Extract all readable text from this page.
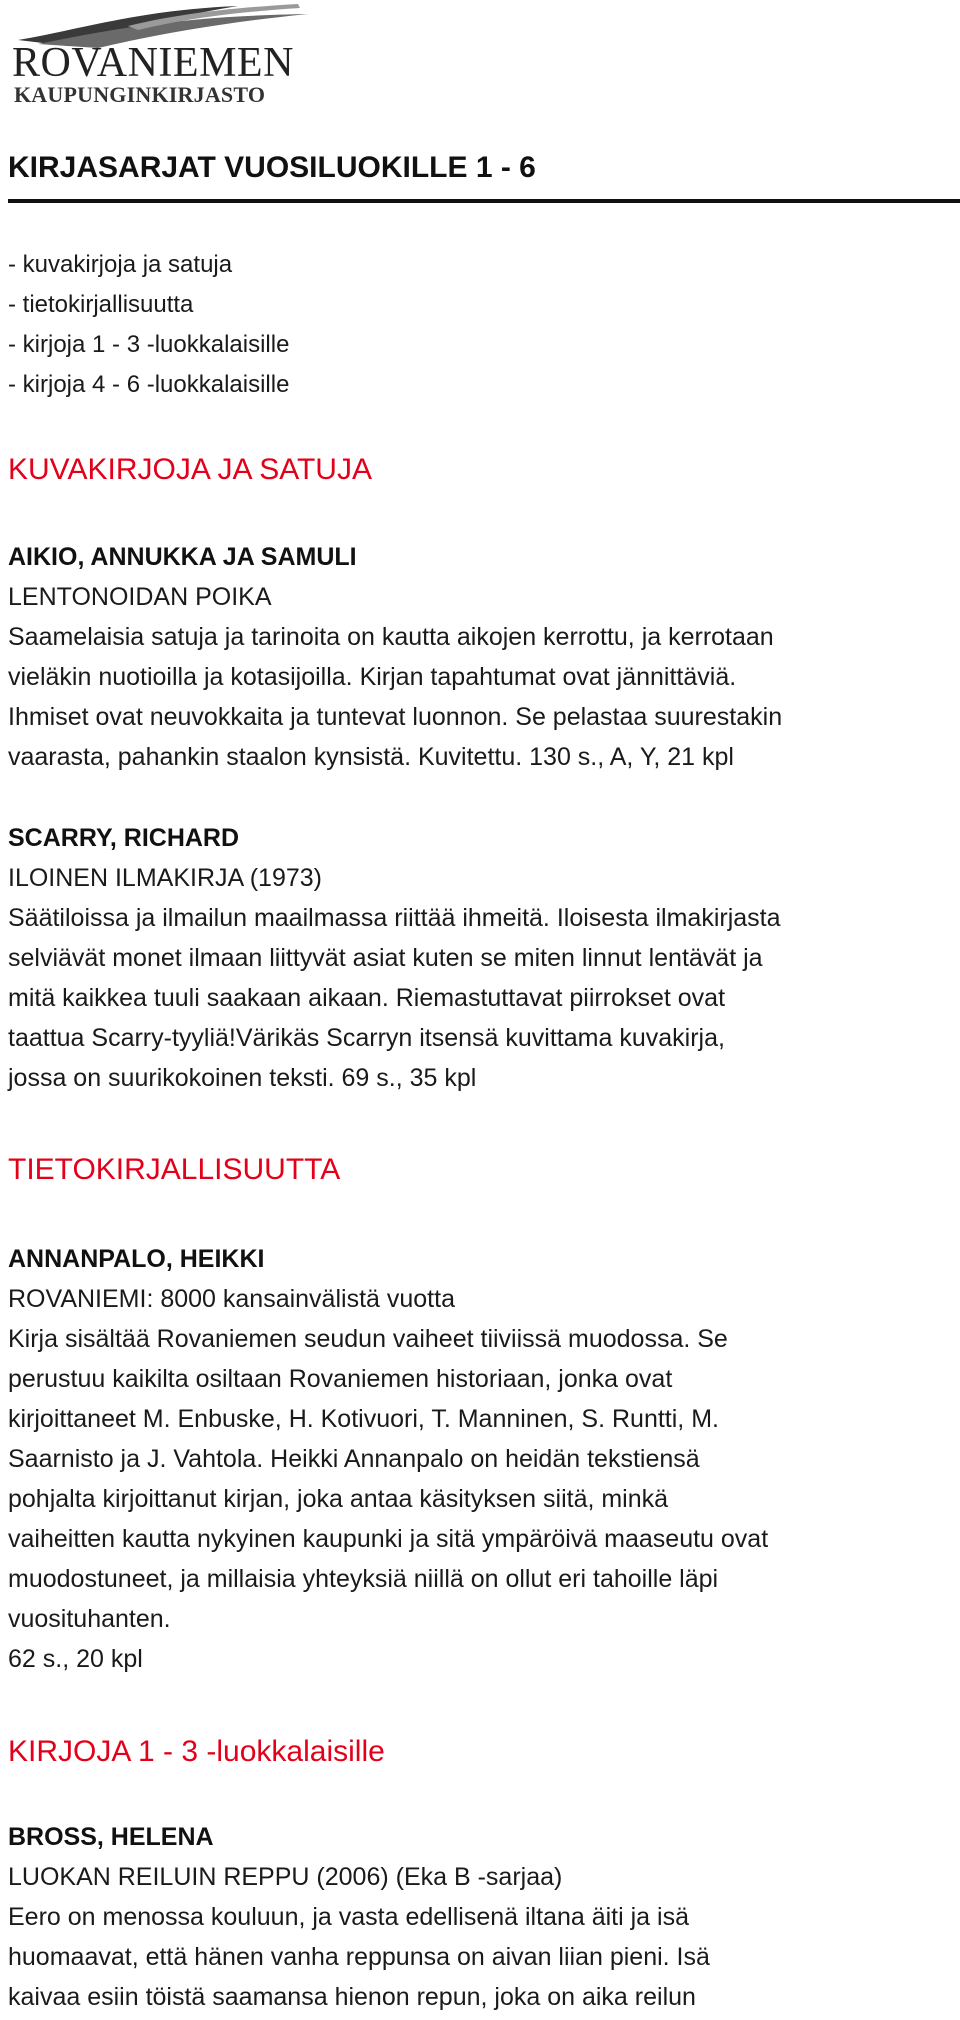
ROVANIEMEN
KAUPUNGINKIRJASTO
KIRJASARJAT VUOSILUOKILLE 1 - 6
- kuvakirjoja ja satuja
- tietokirjallisuutta
- kirjoja 1 - 3 -luokkalaisille
- kirjoja 4 - 6 -luokkalaisille
KUVAKIRJOJA JA SATUJA
AIKIO, ANNUKKA JA SAMULI
LENTONOIDAN POIKA
Saamelaisia satuja ja tarinoita on kautta aikojen kerrottu, ja kerrotaan
vieläkin nuotioilla ja kotasijoilla. Kirjan tapahtumat ovat jännittäviä.
Ihmiset ovat neuvokkaita ja tuntevat luonnon. Se pelastaa suurestakin
vaarasta, pahankin staalon kynsistä. Kuvitettu. 130 s., A, Y, 21 kpl
SCARRY, RICHARD
ILOINEN ILMAKIRJA (1973)
Säätiloissa ja ilmailun maailmassa riittää ihmeitä. Iloisesta ilmakirjasta
selviävät monet ilmaan liittyvät asiat kuten se miten linnut lentävät ja
mitä kaikkea tuuli saakaan aikaan. Riemastuttavat piirrokset ovat
taattua Scarry-tyyliä!Värikäs Scarryn itsensä kuvittama kuvakirja,
jossa on suurikokoinen teksti. 69 s., 35 kpl
TIETOKIRJALLISUUTTA
ANNANPALO, HEIKKI
ROVANIEMI: 8000 kansainvälistä vuotta
Kirja sisältää Rovaniemen seudun vaiheet tiiviissä muodossa. Se
perustuu kaikilta osiltaan Rovaniemen historiaan, jonka ovat
kirjoittaneet M. Enbuske, H. Kotivuori, T. Manninen, S. Runtti, M.
Saarnisto ja J. Vahtola. Heikki Annanpalo on heidän tekstiensä
pohjalta kirjoittanut kirjan, joka antaa käsityksen siitä, minkä
vaiheitten kautta nykyinen kaupunki ja sitä ympäröivä maaseutu ovat
muodostuneet, ja millaisia yhteyksiä niillä on ollut eri tahoille läpi
vuosituhanten.
62 s., 20 kpl
KIRJOJA 1 - 3 -luokkalaisille
BROSS, HELENA
LUOKAN REILUIN REPPU (2006) (Eka B -sarjaa)
Eero on menossa kouluun, ja vasta edellisenä iltana äiti ja isä
huomaavat, että hänen vanha reppunsa on aivan liian pieni. Isä
kaivaa esiin töistä saamansa hienon repun, joka on aika reilun
